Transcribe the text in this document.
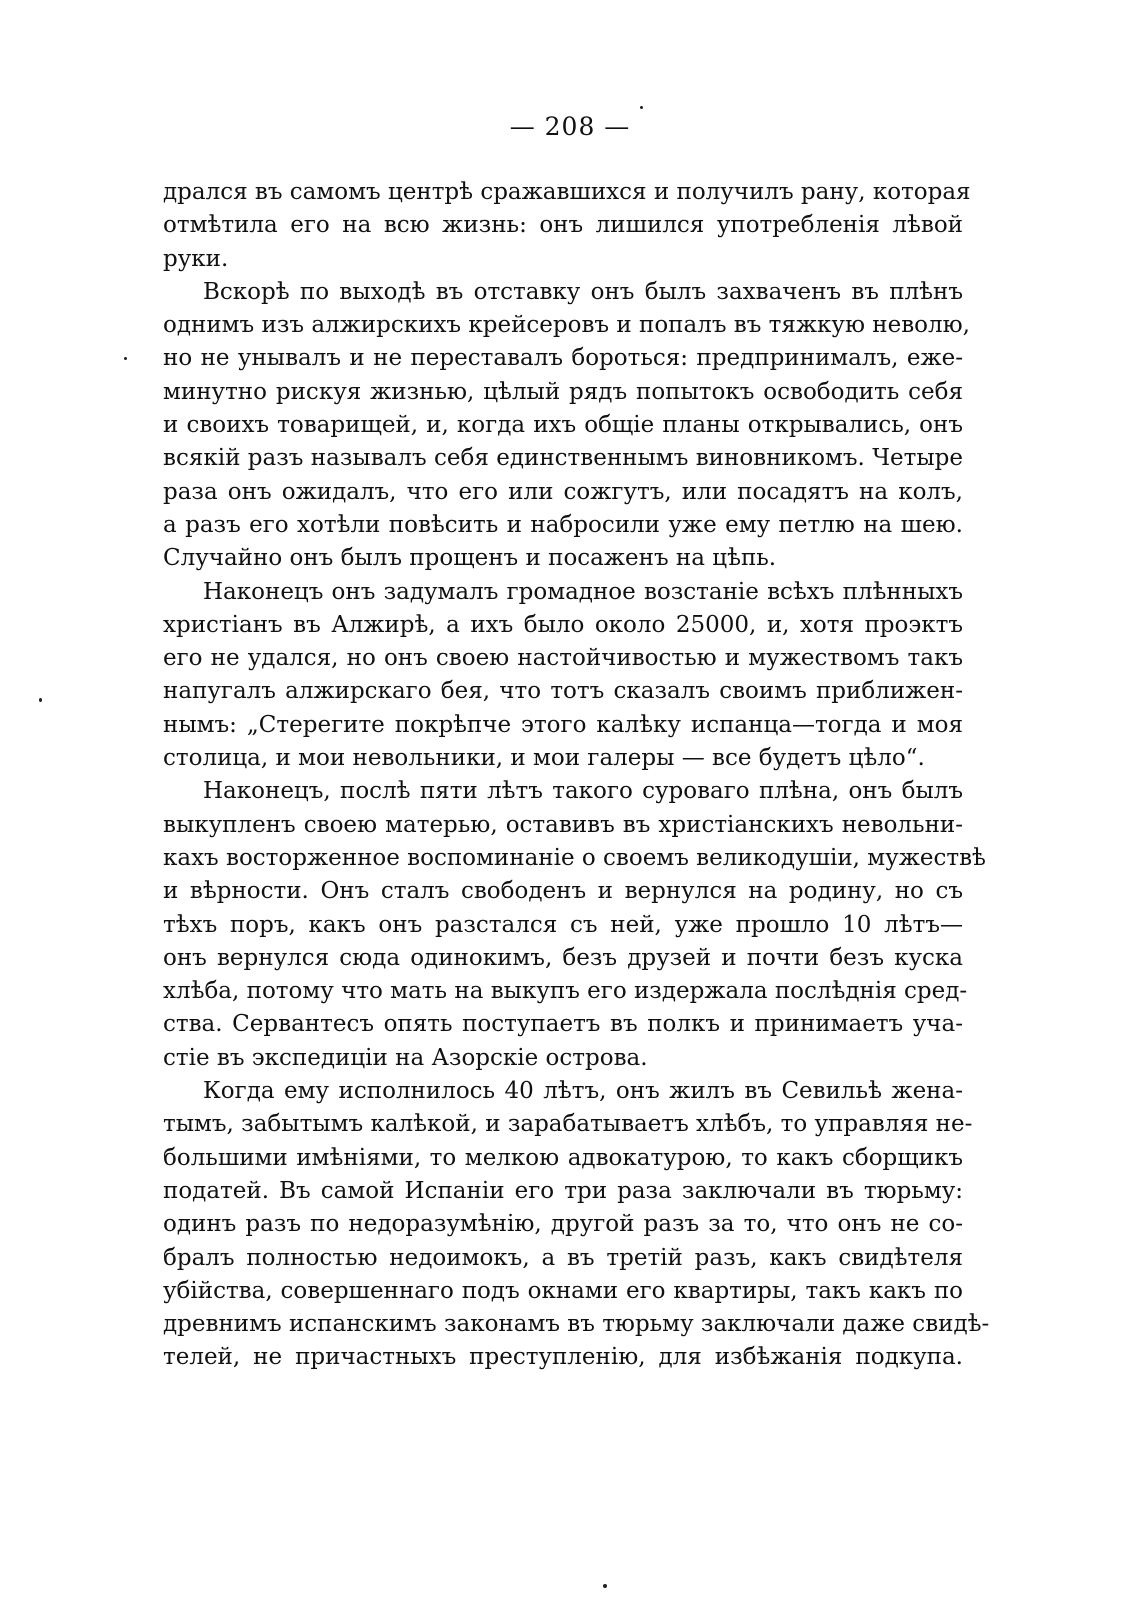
— 208 —
дрался въ самомъ центрѣ сражавшихся и получилъ рану, которая
отмѣтила его на всю жизнь: онъ лишился употребленія лѣвой
руки.
Вскорѣ по выходѣ въ отставку онъ былъ захваченъ въ плѣнъ
однимъ изъ алжирскихъ крейсеровъ и попалъ въ тяжкую неволю,
но не унывалъ и не переставалъ бороться: предпринималъ, еже-
минутно рискуя жизнью, цѣлый рядъ попытокъ освободить себя
и своихъ товарищей, и, когда ихъ общіе планы открывались, онъ
всякій разъ называлъ себя единственнымъ виновникомъ. Четыре
раза онъ ожидалъ, что его или сожгутъ, или посадятъ на колъ,
а разъ его хотѣли повѣсить и набросили уже ему петлю на шею.
Случайно онъ былъ прощенъ и посаженъ на цѣпь.
Наконецъ онъ задумалъ громадное возстаніе всѣхъ плѣнныхъ
христіанъ въ Алжирѣ, а ихъ было около 25000, и, хотя проэктъ
его не удался, но онъ своею настойчивостью и мужествомъ такъ
напугалъ алжирскаго бея, что тотъ сказалъ своимъ приближен-
нымъ: „Стерегите покрѣпче этого калѣку испанца—тогда и моя
столица, и мои невольники, и мои галеры — все будетъ цѣло“.
Наконецъ, послѣ пяти лѣтъ такого суроваго плѣна, онъ былъ
выкупленъ своею матерью, оставивъ въ христіанскихъ невольни-
кахъ восторженное воспоминаніе о своемъ великодушіи, мужествѣ
и вѣрности. Онъ сталъ свободенъ и вернулся на родину, но съ
тѣхъ поръ, какъ онъ разстался съ ней, уже прошло 10 лѣтъ—
онъ вернулся сюда одинокимъ, безъ друзей и почти безъ куска
хлѣба, потому что мать на выкупъ его издержала послѣднія сред-
ства. Сервантесъ опять поступаетъ въ полкъ и принимаетъ уча-
стіе въ экспедиціи на Азорскіе острова.
Когда ему исполнилось 40 лѣтъ, онъ жилъ въ Севильѣ жена-
тымъ, забытымъ калѣкой, и зарабатываетъ хлѣбъ, то управляя не-
большими имѣніями, то мелкою адвокатурою, то какъ сборщикъ
податей. Въ самой Испаніи его три раза заключали въ тюрьму:
одинъ разъ по недоразумѣнію, другой разъ за то, что онъ не со-
бралъ полностью недоимокъ, а въ третій разъ, какъ свидѣтеля
убійства, совершеннаго подъ окнами его квартиры, такъ какъ по
древнимъ испанскимъ законамъ въ тюрьму заключали даже свидѣ-
телей, не причастныхъ преступленію, для избѣжанія подкупа.
